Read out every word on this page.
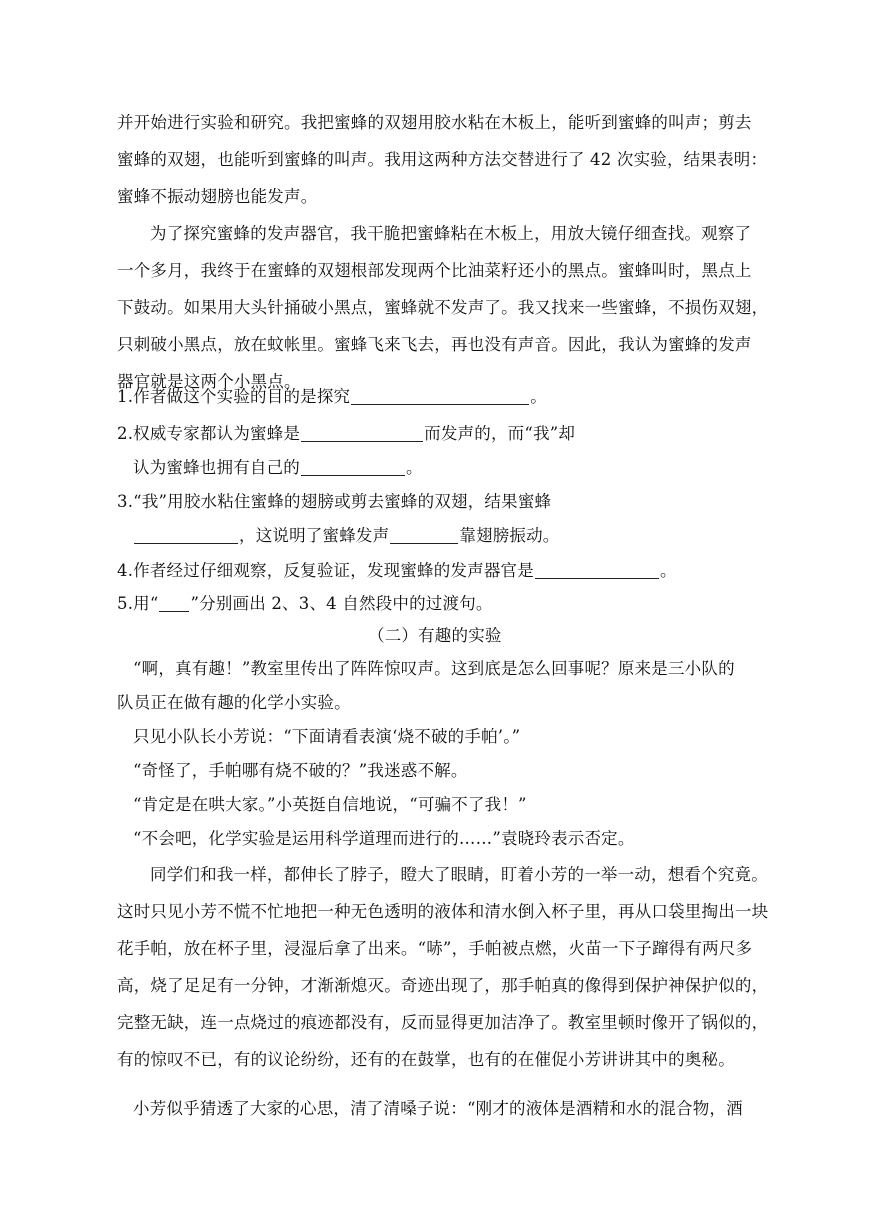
并开始进行实验和研究。我把蜜蜂的双翅用胶水粘在木板上，能听到蜜蜂的叫声；剪去
蜜蜂的双翅，也能听到蜜蜂的叫声。我用这两种方法交替进行了 42 次实验，结果表明：
蜜蜂不振动翅膀也能发声。
为了探究蜜蜂的发声器官，我干脆把蜜蜂粘在木板上，用放大镜仔细查找。观察了
一个多月，我终于在蜜蜂的双翅根部发现两个比油菜籽还小的黑点。蜜蜂叫时，黑点上
下鼓动。如果用大头针捅破小黑点，蜜蜂就不发声了。我又找来一些蜜蜂，不损伤双翅，
只刺破小黑点，放在蚊帐里。蜜蜂飞来飞去，再也没有声音。因此，我认为蜜蜂的发声
器官就是这两个小黑点。
1.作者做这个实验的目的是探究	。
2.权威专家都认为蜜蜂是	而发声的，而“我”却
认为蜜蜂也拥有自己的	。
3.“我”用胶水粘住蜜蜂的翅膀或剪去蜜蜂的双翅，结果蜜蜂
，这说明了蜜蜂发声	靠翅膀振动。
4.作者经过仔细观察，反复验证，发现蜜蜂的发声器官是	。
5.用“ ”分别画出 2、3、4 自然段中的过渡句。
（二）有趣的实验
“啊，真有趣！”教室里传出了阵阵惊叹声。这到底是怎么回事呢？原来是三小队的
队员正在做有趣的化学小实验。
只见小队长小芳说：“下面请看表演‘烧不破的手帕’。”
“奇怪了，手帕哪有烧不破的？”我迷惑不解。
“肯定是在哄大家。”小英挺自信地说，“可骗不了我！”
“不会吧，化学实验是运用科学道理而进行的……”袁晓玲表示否定。
同学们和我一样，都伸长了脖子，瞪大了眼睛，盯着小芳的一举一动，想看个究竟。
这时只见小芳不慌不忙地把一种无色透明的液体和清水倒入杯子里，再从口袋里掏出一块
花手帕，放在杯子里，浸湿后拿了出来。“哧”，手帕被点燃，火苗一下子蹿得有两尺多
高，烧了足足有一分钟，才渐渐熄灭。奇迹出现了，那手帕真的像得到保护神保护似的，
完整无缺，连一点烧过的痕迹都没有，反而显得更加洁净了。教室里顿时像开了锅似的，
有的惊叹不已，有的议论纷纷，还有的在鼓掌，也有的在催促小芳讲讲其中的奥秘。
小芳似乎猜透了大家的心思，清了清嗓子说：“刚才的液体是酒精和水的混合物，酒
